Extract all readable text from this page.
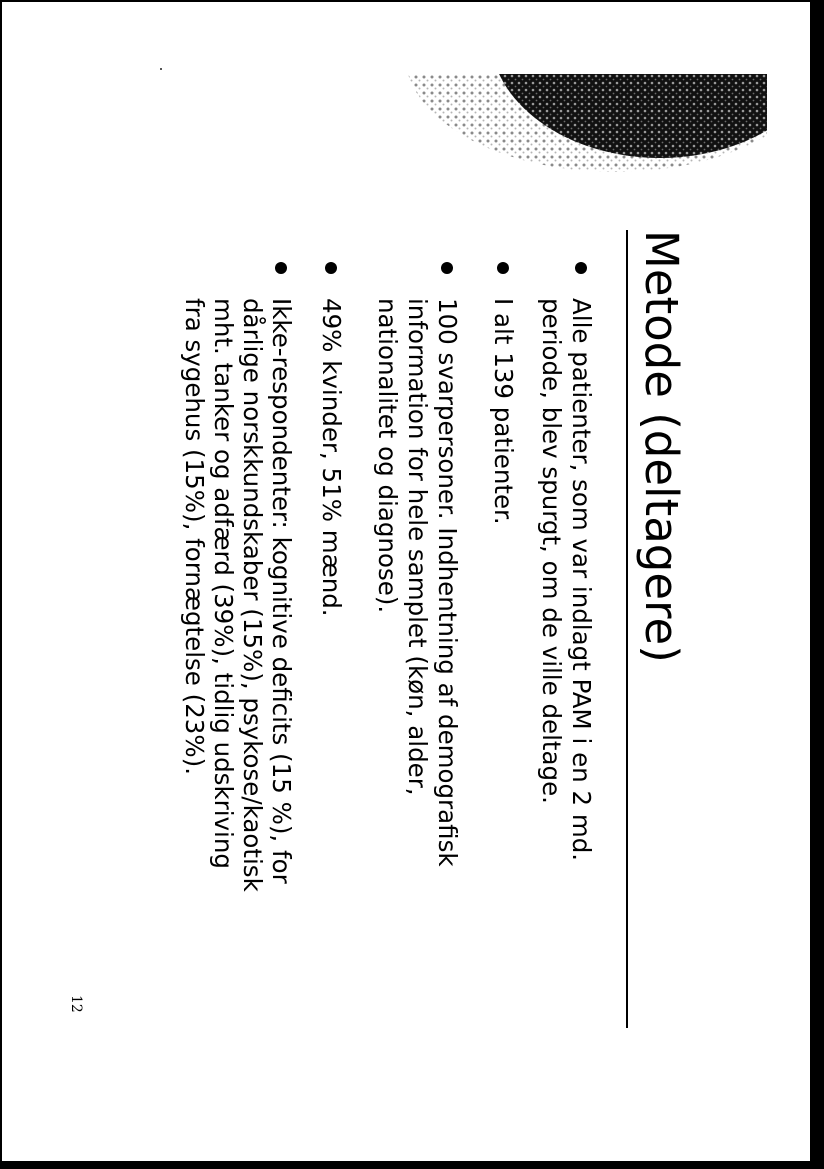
Metode (deltagere)
Alle patienter, som var indlagt PAM i en 2 md.
periode, blev spurgt, om de ville deltage.
I alt 139 patienter.
100 svarpersoner. Indhentning af demografisk
information for hele samplet (køn, alder,
nationalitet og diagnose).
49% kvinder, 51% mænd.
Ikke-respondenter: kognitive deficits (15 %), for
dårlige norskkundskaber (15%), psykose/kaotisk
mht. tanker og adfærd (39%), tidlig udskriving
fra sygehus (15%), fornægtelse (23%).
12
